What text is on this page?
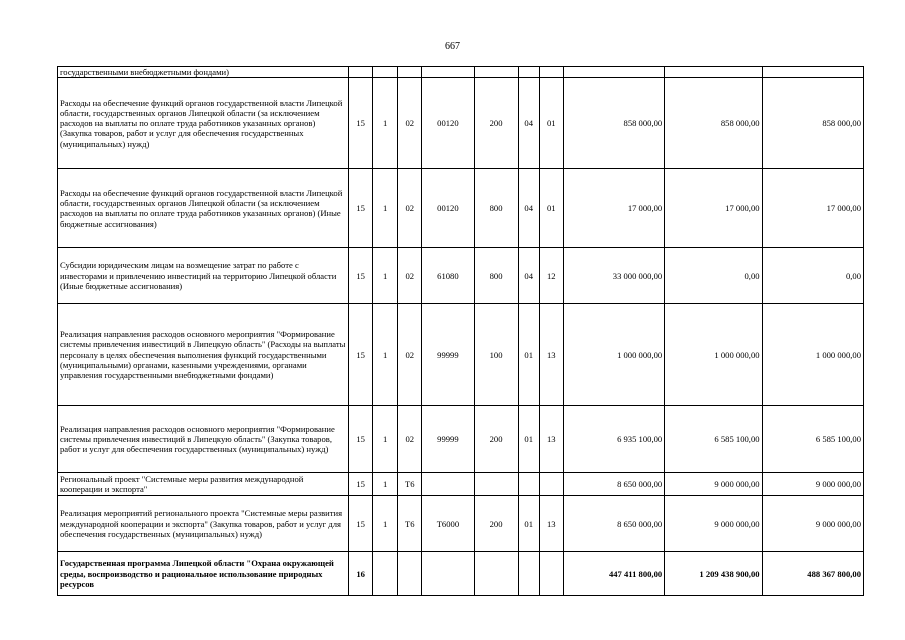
667
государственными внебюджетными фондами)										
Расходы на обеспечение функций органов государственной власти Липецкой области, государственных органов Липецкой области (за исключением расходов на выплаты по оплате труда работников указанных органов) (Закупка товаров, работ и услуг для обеспечения государственных (муниципальных) нужд)	15	1	02	00120	200	04	01	858 000,00	858 000,00	858 000,00
Расходы на обеспечение функций органов государственной власти Липецкой области, государственных органов Липецкой области (за исключением расходов на выплаты по оплате труда работников указанных органов) (Иные бюджетные ассигнования)	15	1	02	00120	800	04	01	17 000,00	17 000,00	17 000,00
Субсидии юридическим лицам на возмещение затрат по работе с инвесторами и привлечению инвестиций на территорию Липецкой области (Иные бюджетные ассигнования)	15	1	02	61080	800	04	12	33 000 000,00	0,00	0,00
Реализация направления расходов основного мероприятия "Формирование системы привлечения инвестиций в Липецкую область" (Расходы на выплаты персоналу в целях обеспечения выполнения функций государственными (муниципальными) органами, казенными учреждениями, органами управления государственными внебюджетными фондами)	15	1	02	99999	100	01	13	1 000 000,00	1 000 000,00	1 000 000,00
Реализация направления расходов основного мероприятия "Формирование системы привлечения инвестиций в Липецкую область" (Закупка товаров, работ и услуг для обеспечения государственных (муниципальных) нужд)	15	1	02	99999	200	01	13	6 935 100,00	6 585 100,00	6 585 100,00
Региональный проект "Системные меры развития международной кооперации и экспорта"	15	1	T6					8 650 000,00	9 000 000,00	9 000 000,00
Реализация мероприятий регионального проекта "Системные меры развития международной кооперации и экспорта" (Закупка товаров, работ и услуг для обеспечения государственных (муниципальных) нужд)	15	1	T6	T6000	200	01	13	8 650 000,00	9 000 000,00	9 000 000,00
Государственная программа Липецкой области "Охрана окружающей среды, воспроизводство и рациональное использование природных ресурсов	16							447 411 800,00	1 209 438 900,00	488 367 800,00
